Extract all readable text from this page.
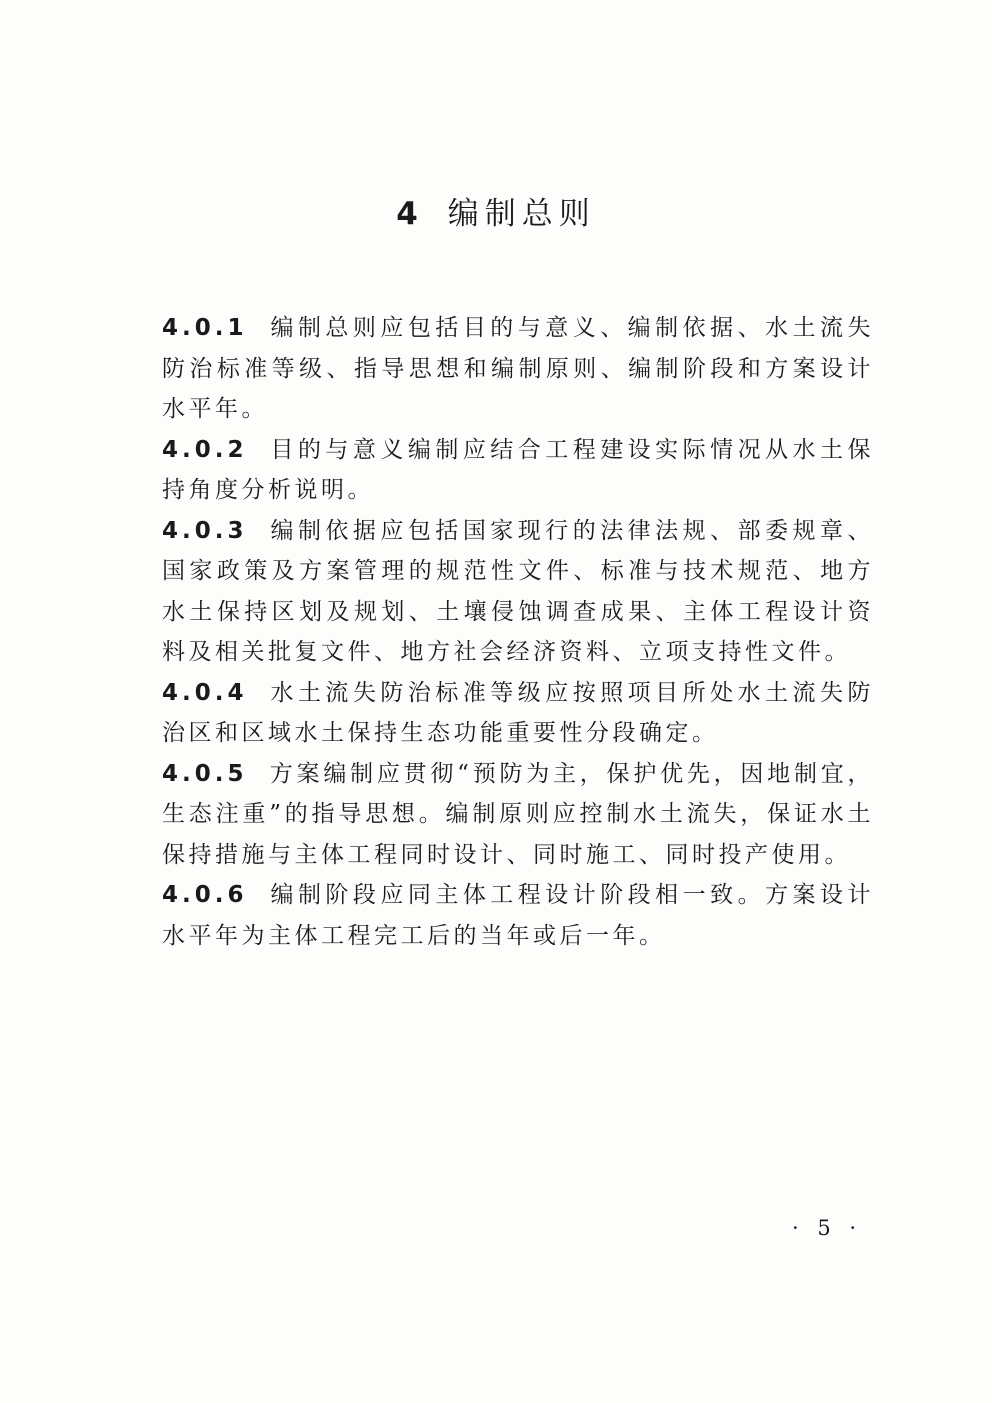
4 编制总则

4.0.1 编制总则应包括目的与意义、编制依据、水土流失防治标准等级、指导思想和编制原则、编制阶段和方案设计水平年。

4.0.2 目的与意义编制应结合工程建设实际情况从水土保持角度分析说明。

4.0.3 编制依据应包括国家现行的法律法规、部委规章、国家政策及方案管理的规范性文件、标准与技术规范、地方水土保持区划及规划、土壤侵蚀调查成果、主体工程设计资料及相关批复文件、地方社会经济资料、立项支持性文件。

4.0.4 水土流失防治标准等级应按照项目所处水土流失防治区和区域水土保持生态功能重要性分段确定。

4.0.5 方案编制应贯彻“预防为主，保护优先，因地制宜，生态注重”的指导思想。编制原则应控制水土流失，保证水土保持措施与主体工程同时设计、同时施工、同时投产使用。

4.0.6 编制阶段应同主体工程设计阶段相一致。方案设计水平年为主体工程完工后的当年或后一年。

· 5 ·
